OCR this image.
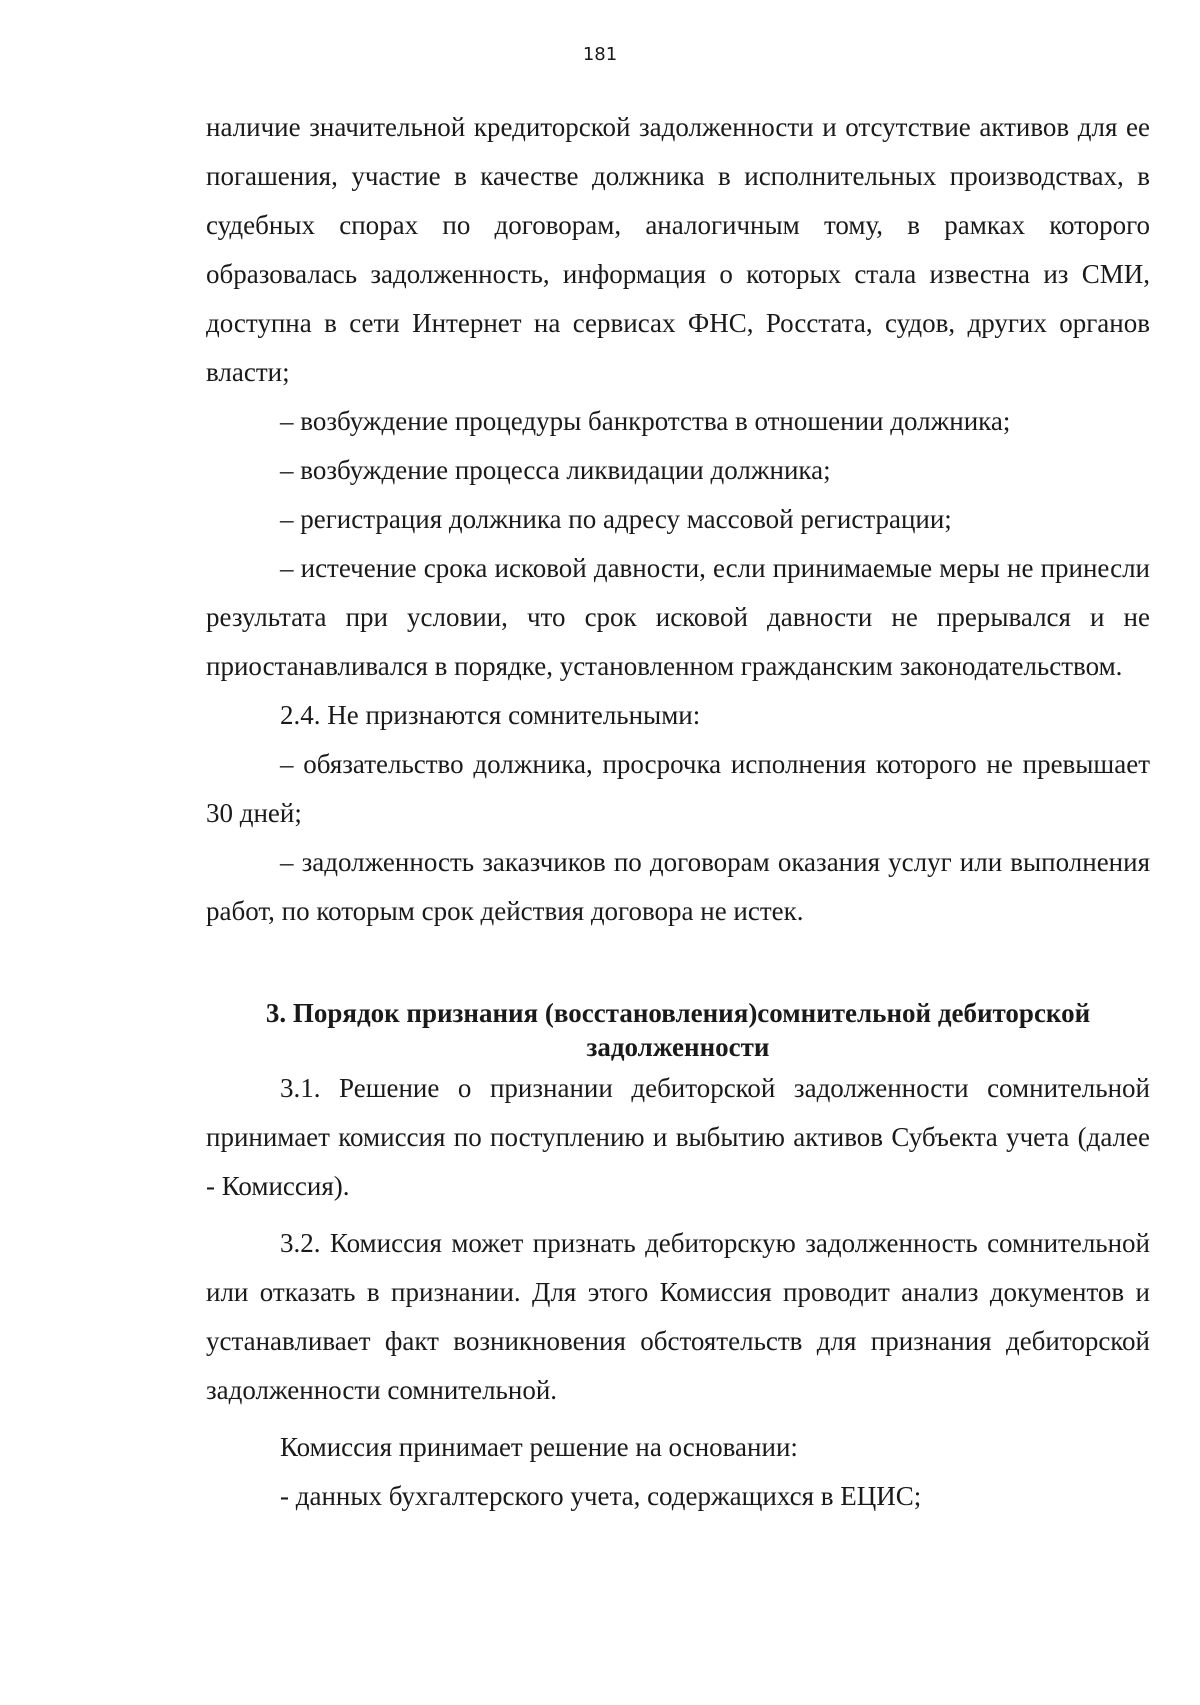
181

наличие значительной кредиторской задолженности и отсутствие активов для ее погашения, участие в качестве должника в исполнительных производствах, в судебных спорах по договорам, аналогичным тому, в рамках которого образовалась задолженность, информация о которых стала известна из СМИ, доступна в сети Интернет на сервисах ФНС, Росстата, судов, других органов власти;

– возбуждение процедуры банкротства в отношении должника;

– возбуждение процесса ликвидации должника;

– регистрация должника по адресу массовой регистрации;

– истечение срока исковой давности, если принимаемые меры не принесли результата при условии, что срок исковой давности не прерывался и не приостанавливался в порядке, установленном гражданским законодательством.

2.4. Не признаются сомнительными:

– обязательство должника, просрочка исполнения которого не превышает 30 дней;

– задолженность заказчиков по договорам оказания услуг или выполнения работ, по которым срок действия договора не истек.

3. Порядок признания (восстановления)сомнительной дебиторской
задолженности

3.1. Решение о признании дебиторской задолженности сомнительной принимает комиссия по поступлению и выбытию активов Субъекта учета (далее - Комиссия).

3.2. Комиссия может признать дебиторскую задолженность сомнительной или отказать в признании. Для этого Комиссия проводит анализ документов и устанавливает факт возникновения обстоятельств для признания дебиторской задолженности сомнительной.

Комиссия принимает решение на основании:

- данных бухгалтерского учета, содержащихся в ЕЦИС;
